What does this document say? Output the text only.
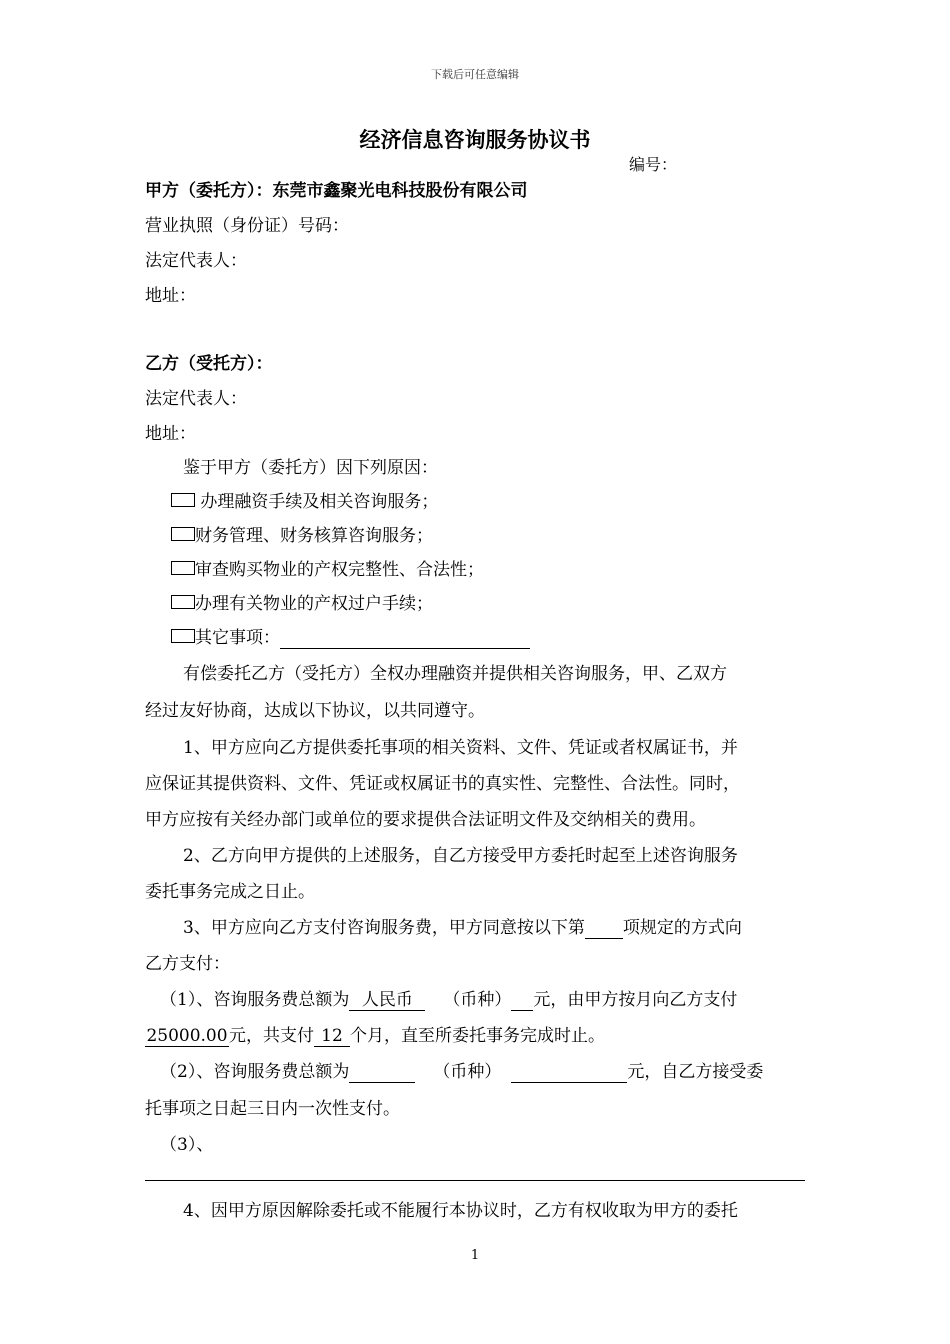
下载后可任意编辑
经济信息咨询服务协议书
编号：
甲方（委托方）：东莞市鑫聚光电科技股份有限公司
营业执照（身份证）号码：
法定代表人：
地址：
乙方（受托方）：
法定代表人：
地址：
鉴于甲方（委托方）因下列原因：
办理融资手续及相关咨询服务；
财务管理、财务核算咨询服务；
审查购买物业的产权完整性、合法性；
办理有关物业的产权过户手续；
其它事项：
有偿委托乙方（受托方）全权办理融资并提供相关咨询服务，甲、乙双方
经过友好协商，达成以下协议，以共同遵守。
1、甲方应向乙方提供委托事项的相关资料、文件、凭证或者权属证书，并
应保证其提供资料、文件、凭证或权属证书的真实性、完整性、合法性。同时，
甲方应按有关经办部门或单位的要求提供合法证明文件及交纳相关的费用。
2、乙方向甲方提供的上述服务，自乙方接受甲方委托时起至上述咨询服务
委托事务完成之日止。
3、甲方应向乙方支付咨询服务费，甲方同意按以下第 项规定的方式向
乙方支付：
（1）、咨询服务费总额为 人民币 （币种） 元，由甲方按月向乙方支付
25000.00元，共支付 12 个月，直至所委托事务完成时止。
（2）、咨询服务费总额为	（币种）	元，自乙方接受委
托事项之日起三日内一次性支付。
（3）、
4、因甲方原因解除委托或不能履行本协议时，乙方有权收取为甲方的委托
1
